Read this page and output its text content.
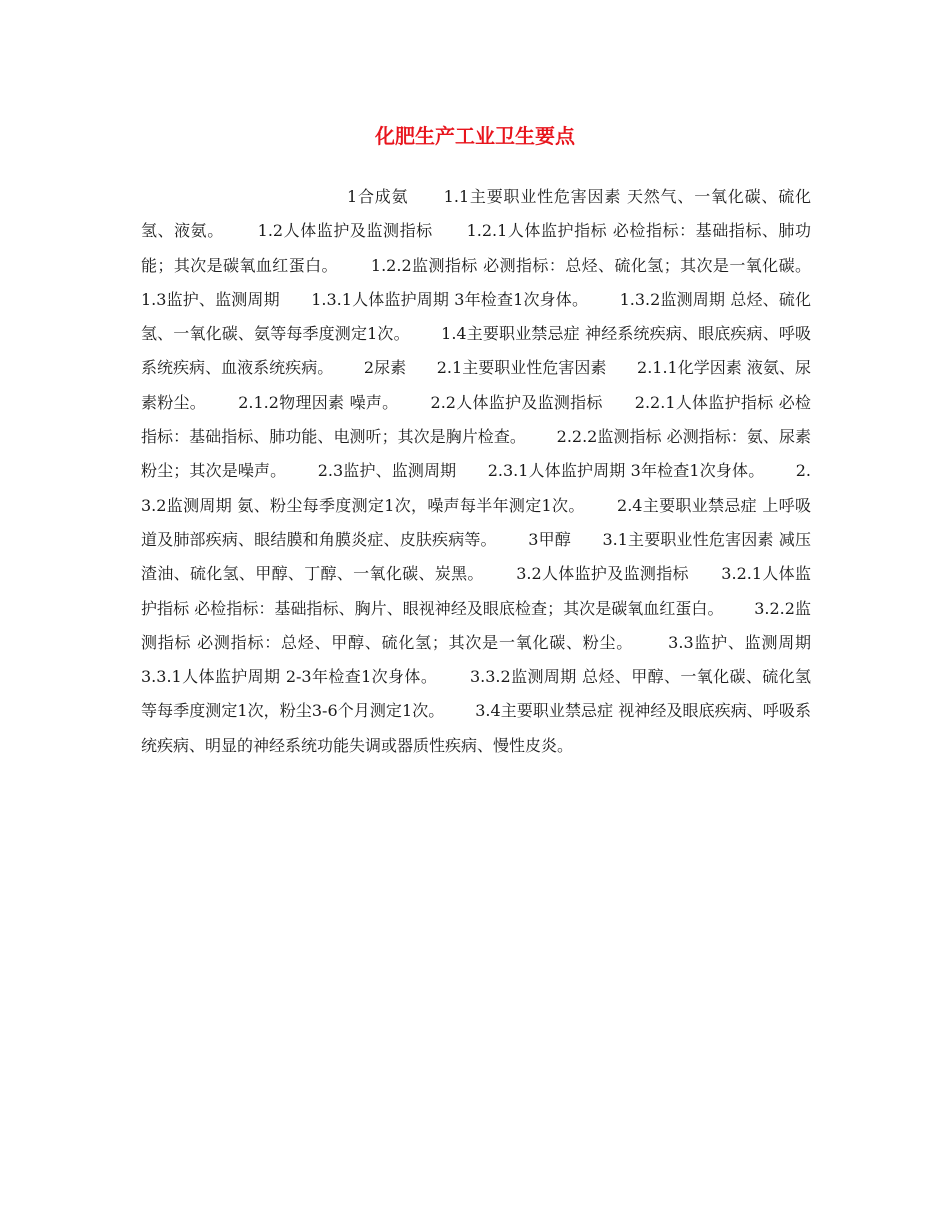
化肥生产工业卫生要点

1合成氨      1.1主要职业性危害因素 天然气、一氧化碳、硫化氢、液氨。      1.2人体监护及监测指标      1.2.1人体监护指标 必检指标：基础指标、肺功能；其次是碳氧血红蛋白。      1.2.2监测指标 必测指标：总烃、硫化氢；其次是一氧化碳。      1.3监护、监测周期      1.3.1人体监护周期 3年检查1次身体。      1.3.2监测周期 总烃、硫化氢、一氧化碳、氨等每季度测定1次。      1.4主要职业禁忌症 神经系统疾病、眼底疾病、呼吸系统疾病、血液系统疾病。      2尿素      2.1主要职业性危害因素      2.1.1化学因素 液氨、尿素粉尘。      2.1.2物理因素 噪声。      2.2人体监护及监测指标      2.2.1人体监护指标 必检指标：基础指标、肺功能、电测听；其次是胸片检查。      2.2.2监测指标 必测指标：氨、尿素粉尘；其次是噪声。      2.3监护、监测周期      2.3.1人体监护周期 3年检查1次身体。      2.3.2监测周期 氨、粉尘每季度测定1次，噪声每半年测定1次。      2.4主要职业禁忌症 上呼吸道及肺部疾病、眼结膜和角膜炎症、皮肤疾病等。      3甲醇      3.1主要职业性危害因素 减压渣油、硫化氢、甲醇、丁醇、一氧化碳、炭黑。      3.2人体监护及监测指标      3.2.1人体监护指标 必检指标：基础指标、胸片、眼视神经及眼底检查；其次是碳氧血红蛋白。      3.2.2监测指标 必测指标：总烃、甲醇、硫化氢；其次是一氧化碳、粉尘。      3.3监护、监测周期      3.3.1人体监护周期 2-3年检查1次身体。      3.3.2监测周期 总烃、甲醇、一氧化碳、硫化氢等每季度测定1次，粉尘3-6个月测定1次。      3.4主要职业禁忌症 视神经及眼底疾病、呼吸系统疾病、明显的神经系统功能失调或器质性疾病、慢性皮炎。
